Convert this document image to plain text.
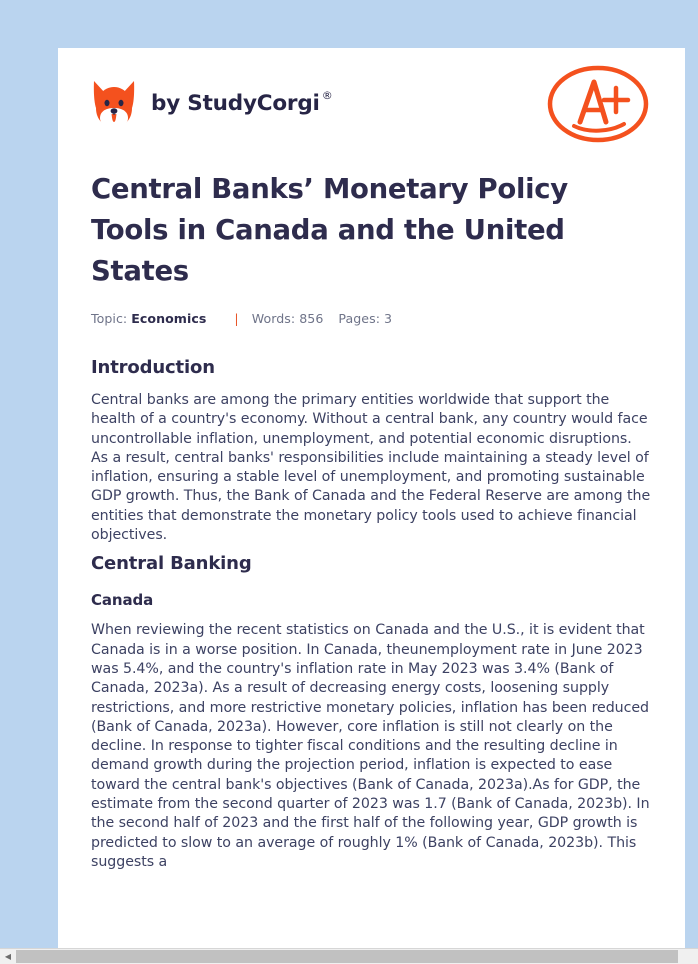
by StudyCorgi ®
Central Banks’ Monetary Policy Tools in Canada and the United States
Topic: Economics | Words: 856 Pages: 3
Introduction

Central banks are among the primary entities worldwide that support the health of a country's economy. Without a central bank, any country would face uncontrollable inflation, unemployment, and potential economic disruptions. As a result, central banks' responsibilities include maintaining a steady level of inflation, ensuring a stable level of unemployment, and promoting sustainable GDP growth. Thus, the Bank of Canada and the Federal Reserve are among the entities that demonstrate the monetary policy tools used to achieve financial objectives.

Central Banking
Canada

When reviewing the recent statistics on Canada and the U.S., it is evident that Canada is in a worse position. In Canada, theunemployment rate in June 2023 was 5.4%, and the country's inflation rate in May 2023 was 3.4% (Bank of Canada, 2023a). As a result of decreasing energy costs, loosening supply restrictions, and more restrictive monetary policies, inflation has been reduced (Bank of Canada, 2023a). However, core inflation is still not clearly on the decline. In response to tighter fiscal conditions and the resulting decline in demand growth during the projection period, inflation is expected to ease toward the central bank's objectives (Bank of Canada, 2023a).As for GDP, the estimate from the second quarter of 2023 was 1.7 (Bank of Canada, 2023b). In the second half of 2023 and the first half of the following year, GDP growth is predicted to slow to an average of roughly 1% (Bank of Canada, 2023b). This suggests a

◀
